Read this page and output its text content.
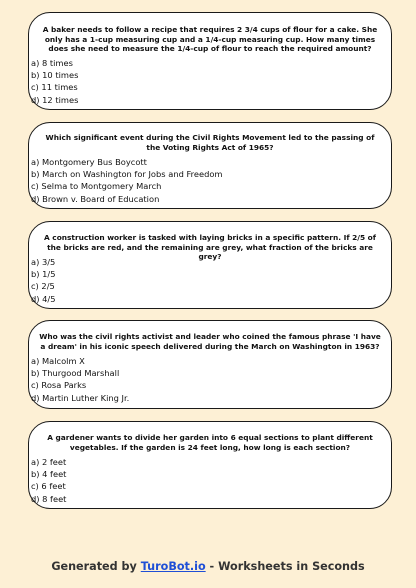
A baker needs to follow a recipe that requires 2 3/4 cups of flour for a cake. She only has a 1-cup measuring cup and a 1/4-cup measuring cup. How many times does she need to measure the 1/4-cup of flour to reach the required amount?

a) 8 times
b) 10 times
c) 11 times
d) 12 times

Which significant event during the Civil Rights Movement led to the passing of the Voting Rights Act of 1965?

a) Montgomery Bus Boycott
b) March on Washington for Jobs and Freedom
c) Selma to Montgomery March
d) Brown v. Board of Education

A construction worker is tasked with laying bricks in a specific pattern. If 2/5 of the bricks are red, and the remaining are grey, what fraction of the bricks are grey?

a) 3/5
b) 1/5
c) 2/5
d) 4/5

Who was the civil rights activist and leader who coined the famous phrase 'I have a dream' in his iconic speech delivered during the March on Washington in 1963?

a) Malcolm X
b) Thurgood Marshall
c) Rosa Parks
d) Martin Luther King Jr.

A gardener wants to divide her garden into 6 equal sections to plant different vegetables. If the garden is 24 feet long, how long is each section?

a) 2 feet
b) 4 feet
c) 6 feet
d) 8 feet
Generated by TuroBot.io - Worksheets in Seconds
